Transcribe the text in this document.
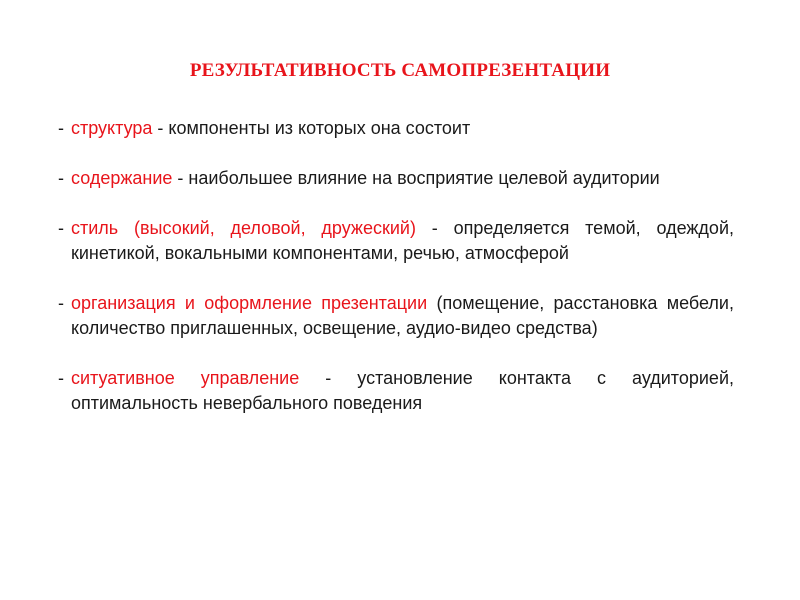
РЕЗУЛЬТАТИВНОСТЬ САМОПРЕЗЕНТАЦИИ
- структура - компоненты из которых она состоит
- содержание - наибольшее влияние на восприятие целевой аудитории
- стиль (высокий, деловой, дружеский) - определяется темой, одеждой, кинетикой, вокальными компонентами, речью, атмосферой
- организация и оформление презентации (помещение, расстановка мебели, количество приглашенных, освещение, аудио-видео средства)
- ситуативное управление - установление контакта с аудиторией, оптимальность невербального поведения
